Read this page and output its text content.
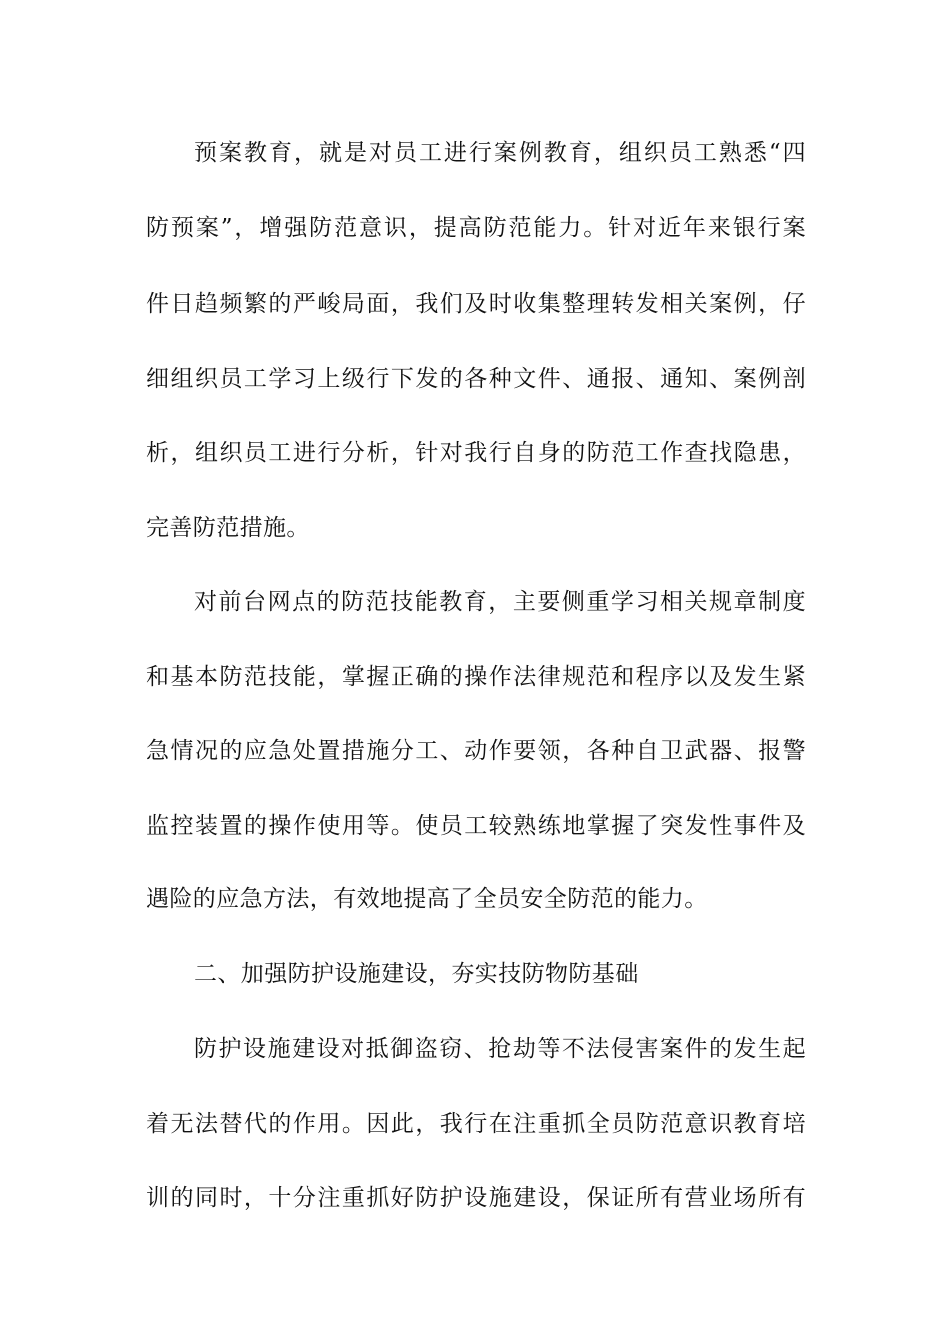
预案教育，就是对员工进行案例教育，组织员工熟悉“四
防预案”，增强防范意识，提高防范能力。针对近年来银行案
件日趋频繁的严峻局面，我们及时收集整理转发相关案例，仔
细组织员工学习上级行下发的各种文件、通报、通知、案例剖
析，组织员工进行分析，针对我行自身的防范工作查找隐患，
完善防范措施。
对前台网点的防范技能教育，主要侧重学习相关规章制度
和基本防范技能，掌握正确的操作法律规范和程序以及发生紧
急情况的应急处置措施分工、动作要领，各种自卫武器、报警
监控装置的操作使用等。使员工较熟练地掌握了突发性事件及
遇险的应急方法，有效地提高了全员安全防范的能力。
二、加强防护设施建设，夯实技防物防基础
防护设施建设对抵御盗窃、抢劫等不法侵害案件的发生起
着无法替代的作用。因此，我行在注重抓全员防范意识教育培
训的同时，十分注重抓好防护设施建设，保证所有营业场所有
